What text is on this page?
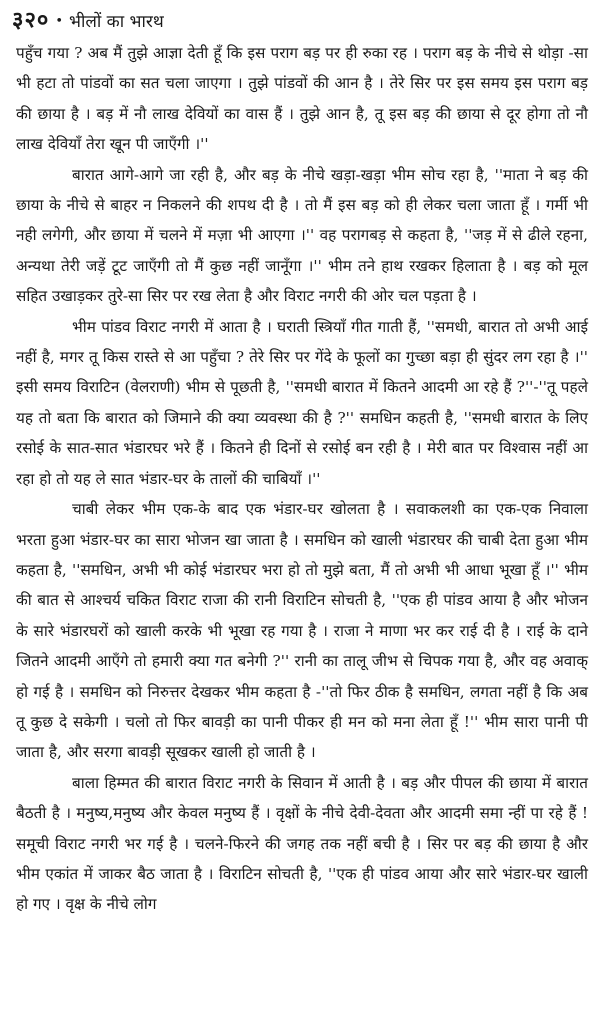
३२० • भीलों का भारथ

पहुँच गया ? अब मैं तुझे आज्ञा देती हूँ कि इस पराग बड़ पर ही रुका रह । पराग बड़ के नीचे से थोड़ा -सा भी हटा तो पांडवों का सत चला जाएगा । तुझे पांडवों की आन है । तेरे सिर पर इस समय इस पराग बड़ की छाया है । बड़ में नौ लाख देवियों का वास हैं । तुझे आन है, तू इस बड़ की छाया से दूर होगा तो नौ लाख देवियाँ तेरा खून पी जाएँगी ।''

बारात आगे-आगे जा रही है, और बड़ के नीचे खड़ा-खड़ा भीम सोच रहा है, ''माता ने बड़ की छाया के नीचे से बाहर न निकलने की शपथ दी है । तो मैं इस बड़ को ही लेकर चला जाता हूँ । गर्मी भी नही लगेगी, और छाया में चलने में मज़ा भी आएगा ।'' वह परागबड़ से कहता है, ''जड़ में से ढीले रहना, अन्यथा तेरी जड़ें टूट जाएँगी तो मैं कुछ नहीं जानूँगा ।'' भीम तने हाथ रखकर हिलाता है । बड़ को मूल सहित उखाड़कर तुरे-सा सिर पर रख लेता है और विराट नगरी की ओर चल पड़ता है ।

भीम पांडव विराट नगरी में आता है । घराती स्त्रियाँ गीत गाती हैं, ''समधी, बारात तो अभी आई नहीं है, मगर तू किस रास्ते से आ पहुँचा ? तेरे सिर पर गेंदे के फूलों का गुच्छा बड़ा ही सुंदर लग रहा है ।'' इसी समय विराटिन (वेलराणी) भीम से पूछती है, ''समधी बारात में कितने आदमी आ रहे हैं ?''-''तू पहले यह तो बता कि बारात को जिमाने की क्या व्यवस्था की है ?'' समधिन कहती है, ''समधी बारात के लिए रसोई के सात-सात भंडारघर भरे हैं । कितने ही दिनों से रसोई बन रही है । मेरी बात पर विश्वास नहीं आ रहा हो तो यह ले सात भंडार-घर के तालों की चाबियाँ ।''

चाबी लेकर भीम एक-के बाद एक भंडार-घर खोलता है । सवाकलशी का एक-एक निवाला भरता हुआ भंडार-घर का सारा भोजन खा जाता है । समधिन को खाली भंडारघर की चाबी देता हुआ भीम कहता है, ''समधिन, अभी भी कोई भंडारघर भरा हो तो मुझे बता, मैं तो अभी भी आधा भूखा हूँ ।'' भीम की बात से आश्चर्य चकित विराट राजा की रानी विराटिन सोचती है, ''एक ही पांडव आया है और भोजन के सारे भंडारघरों को खाली करके भी भूखा रह गया है । राजा ने माणा भर कर राई दी है । राई के दाने जितने आदमी आएँगे तो हमारी क्या गत बनेगी ?'' रानी का तालू जीभ से चिपक गया है, और वह अवाक्‌ हो गई है । समधिन को निरुत्तर देखकर भीम कहता है -''तो फिर ठीक है समधिन, लगता नहीं है कि अब तू कुछ दे सकेगी । चलो तो फिर बावड़ी का पानी पीकर ही मन को मना लेता हूँ !'' भीम सारा पानी पी जाता है, और सरगा बावड़ी सूखकर खाली हो जाती है ।

बाला हिम्मत की बारात विराट नगरी के सिवान में आती है । बड़ और पीपल की छाया में बारात बैठती है । मनुष्य,मनुष्य और केवल मनुष्य हैं । वृक्षों के नीचे देवी-देवता और आदमी समा न्हीं पा रहे हैं ! समूची विराट नगरी भर गई है । चलने-फिरने की जगह तक नहीं बची है । सिर पर बड़ की छाया है और भीम एकांत में जाकर बैठ जाता है । विराटिन सोचती है, ''एक ही पांडव आया और सारे भंडार-घर खाली हो गए । वृक्ष के नीचे लोग
